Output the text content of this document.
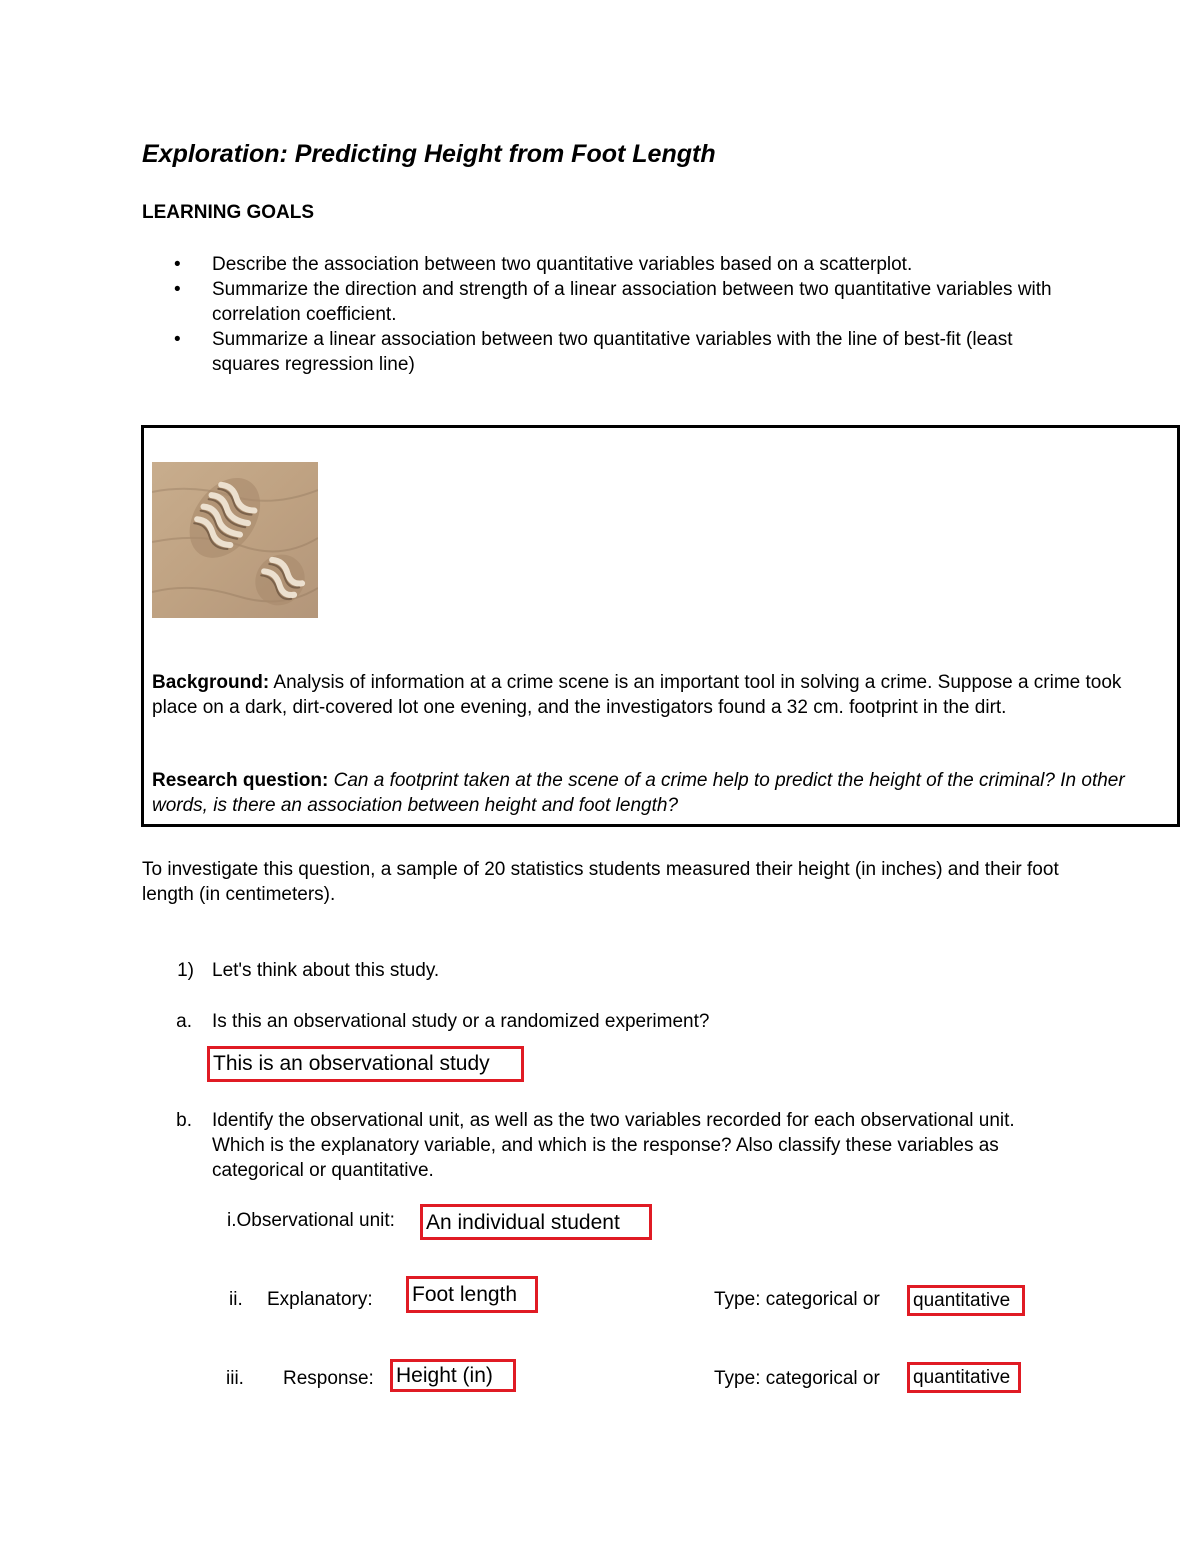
Exploration: Predicting Height from Foot Length
LEARNING GOALS
• Describe the association between two quantitative variables based on a scatterplot.
• Summarize the direction and strength of a linear association between two quantitative variables with correlation coefficient.
• Summarize a linear association between two quantitative variables with the line of best-fit (least squares regression line)
Background: Analysis of information at a crime scene is an important tool in solving a crime. Suppose a crime took place on a dark, dirt-covered lot one evening, and the investigators found a 32 cm. footprint in the dirt.
Research question: Can a footprint taken at the scene of a crime help to predict the height of the criminal? In other words, is there an association between height and foot length?
To investigate this question, a sample of 20 statistics students measured their height (in inches) and their foot length (in centimeters).
1) Let's think about this study.
a. Is this an observational study or a randomized experiment?
This is an observational study
b. Identify the observational unit, as well as the two variables recorded for each observational unit. Which is the explanatory variable, and which is the response? Also classify these variables as categorical or quantitative.
i.Observational unit: An individual student
ii. Explanatory: Foot length	Type: categorical or	quantitative
iii. Response: Height (in)	Type: categorical or	quantitative
